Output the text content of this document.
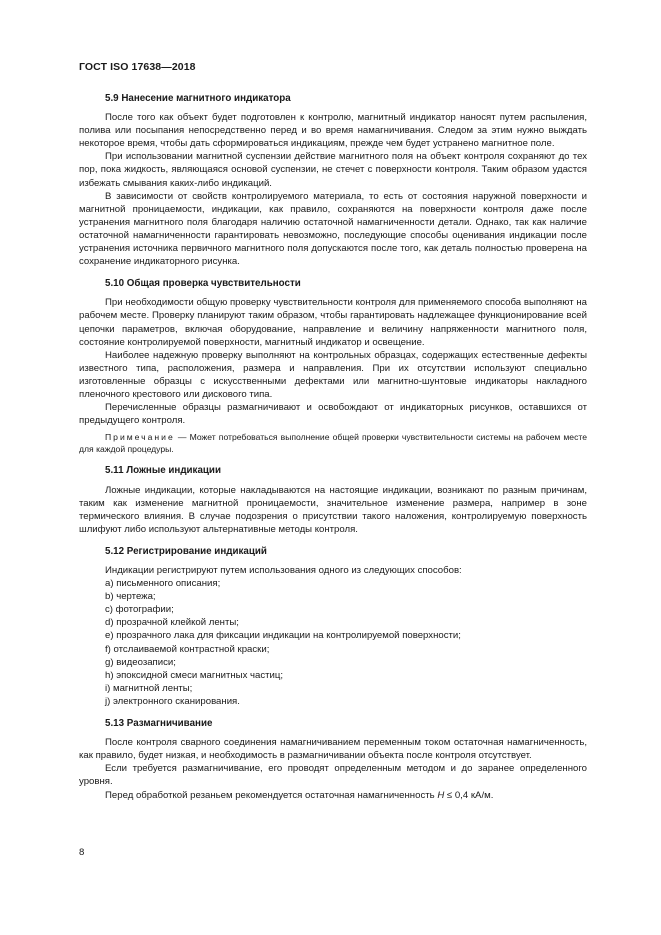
ГОСТ ISO 17638—2018
5.9 Нанесение магнитного индикатора

После того как объект будет подготовлен к контролю, магнитный индикатор наносят путем распыления, полива или посыпания непосредственно перед и во время намагничивания. Следом за этим нужно выждать некоторое время, чтобы дать сформироваться индикациям, прежде чем будет устранено магнитное поле.

При использовании магнитной суспензии действие магнитного поля на объект контроля сохраняют до тех пор, пока жидкость, являющаяся основой суспензии, не стечет с поверхности контроля. Таким образом удастся избежать смывания каких-либо индикаций.

В зависимости от свойств контролируемого материала, то есть от состояния наружной поверхности и магнитной проницаемости, индикации, как правило, сохраняются на поверхности контроля даже после устранения магнитного поля благодаря наличию остаточной намагниченности детали. Однако, так как наличие остаточной намагниченности гарантировать невозможно, последующие способы оценивания индикации после устранения источника первичного магнитного поля допускаются после того, как деталь полностью проверена на сохранение индикаторного рисунка.

5.10 Общая проверка чувствительности

При необходимости общую проверку чувствительности контроля для применяемого способа выполняют на рабочем месте. Проверку планируют таким образом, чтобы гарантировать надлежащее функционирование всей цепочки параметров, включая оборудование, направление и величину напряженности магнитного поля, состояние контролируемой поверхности, магнитный индикатор и освещение.

Наиболее надежную проверку выполняют на контрольных образцах, содержащих естественные дефекты известного типа, расположения, размера и направления. При их отсутствии используют специально изготовленные образцы с искусственными дефектами или магнитно-шунтовые индикаторы накладного пленочного крестового или дискового типа.

Перечисленные образцы размагничивают и освобождают от индикаторных рисунков, оставшихся от предыдущего контроля.

Примечание — Может потребоваться выполнение общей проверки чувствительности системы на рабочем месте для каждой процедуры.

5.11 Ложные индикации

Ложные индикации, которые накладываются на настоящие индикации, возникают по разным причинам, таким как изменение магнитной проницаемости, значительное изменение размера, например в зоне термического влияния. В случае подозрения о присутствии такого наложения, контролируемую поверхность шлифуют либо используют альтернативные методы контроля.

5.12 Регистрирование индикаций

Индикации регистрируют путем использования одного из следующих способов:

а) письменного описания;

b) чертежа;

c) фотографии;

d) прозрачной клейкой ленты;

e) прозрачного лака для фиксации индикации на контролируемой поверхности;

f) отслаиваемой контрастной краски;

g) видеозаписи;

h) эпоксидной смеси магнитных частиц;

i) магнитной ленты;

j) электронного сканирования.

5.13 Размагничивание

После контроля сварного соединения намагничиванием переменным током остаточная намагниченность, как правило, будет низкая, и необходимость в размагничивании объекта после контроля отсутствует.

Если требуется размагничивание, его проводят определенным методом и до заранее определенного уровня.

Перед обработкой резаньем рекомендуется остаточная намагниченность H ≤ 0,4 кА/м.

8
